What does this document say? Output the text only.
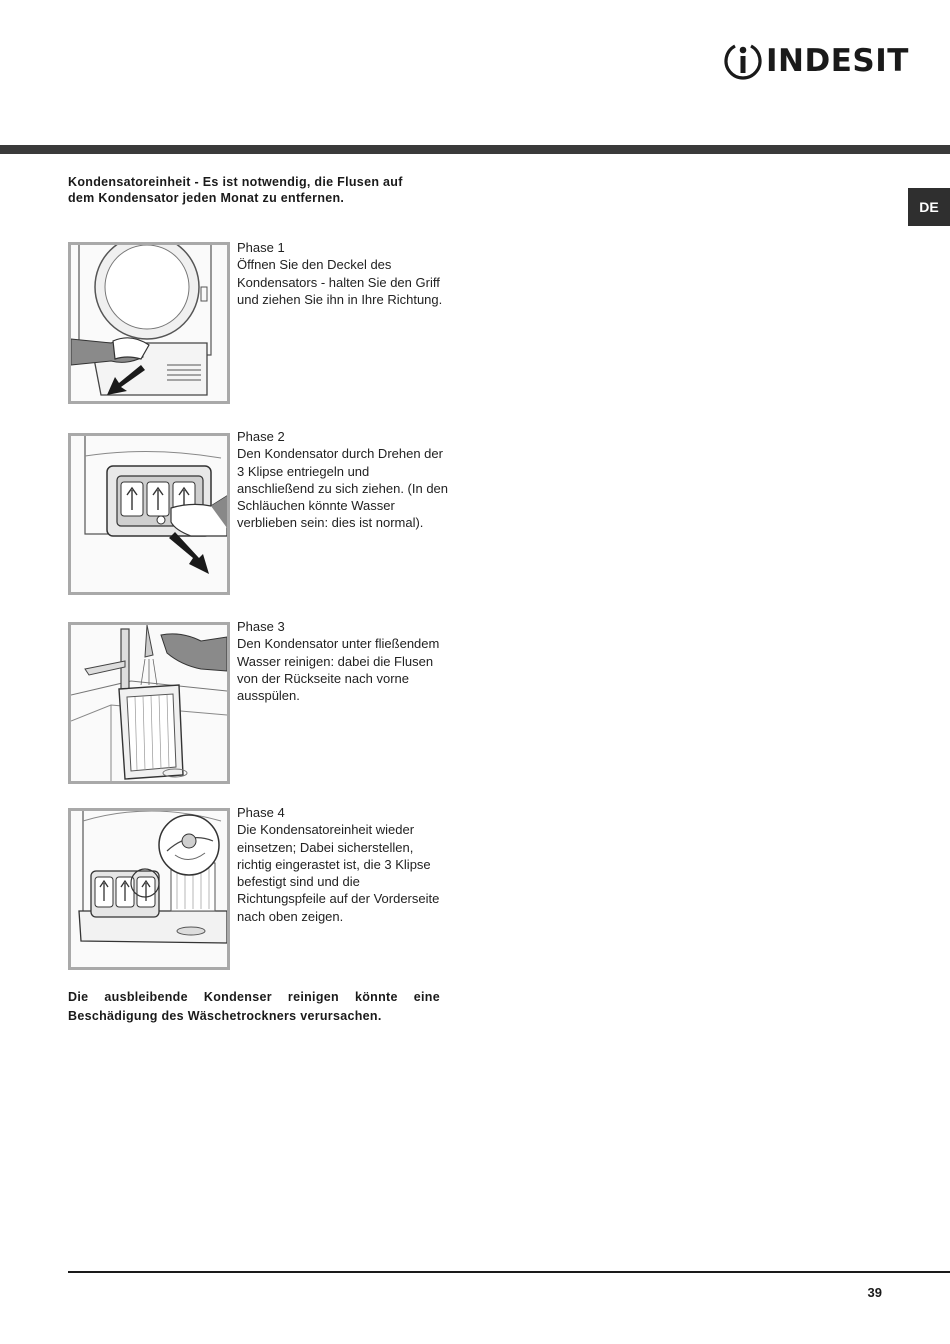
INDESIT
DE
Kondensatoreinheit - Es ist notwendig, die Flusen auf dem Kondensator jeden Monat zu entfernen.
Phase 1
Öffnen Sie den Deckel des Kondensators - halten Sie den Griff und ziehen Sie ihn in Ihre Richtung.
Phase 2
Den Kondensator durch Drehen der 3 Klipse entriegeln und anschließend zu sich ziehen. (In den Schläuchen könnte Wasser verblieben sein: dies ist normal).
Phase 3
Den Kondensator unter fließendem Wasser reinigen: dabei die Flusen von der Rückseite nach vorne ausspülen.
Phase 4
Die Kondensatoreinheit wieder einsetzen; Dabei sicherstellen, richtig eingerastet ist, die 3 Klipse befestigt sind und die Richtungspfeile auf der Vorderseite nach oben zeigen.
Die ausbleibende Kondenser reinigen könnte eine Beschädigung des Wäschetrockners verursachen.
39
